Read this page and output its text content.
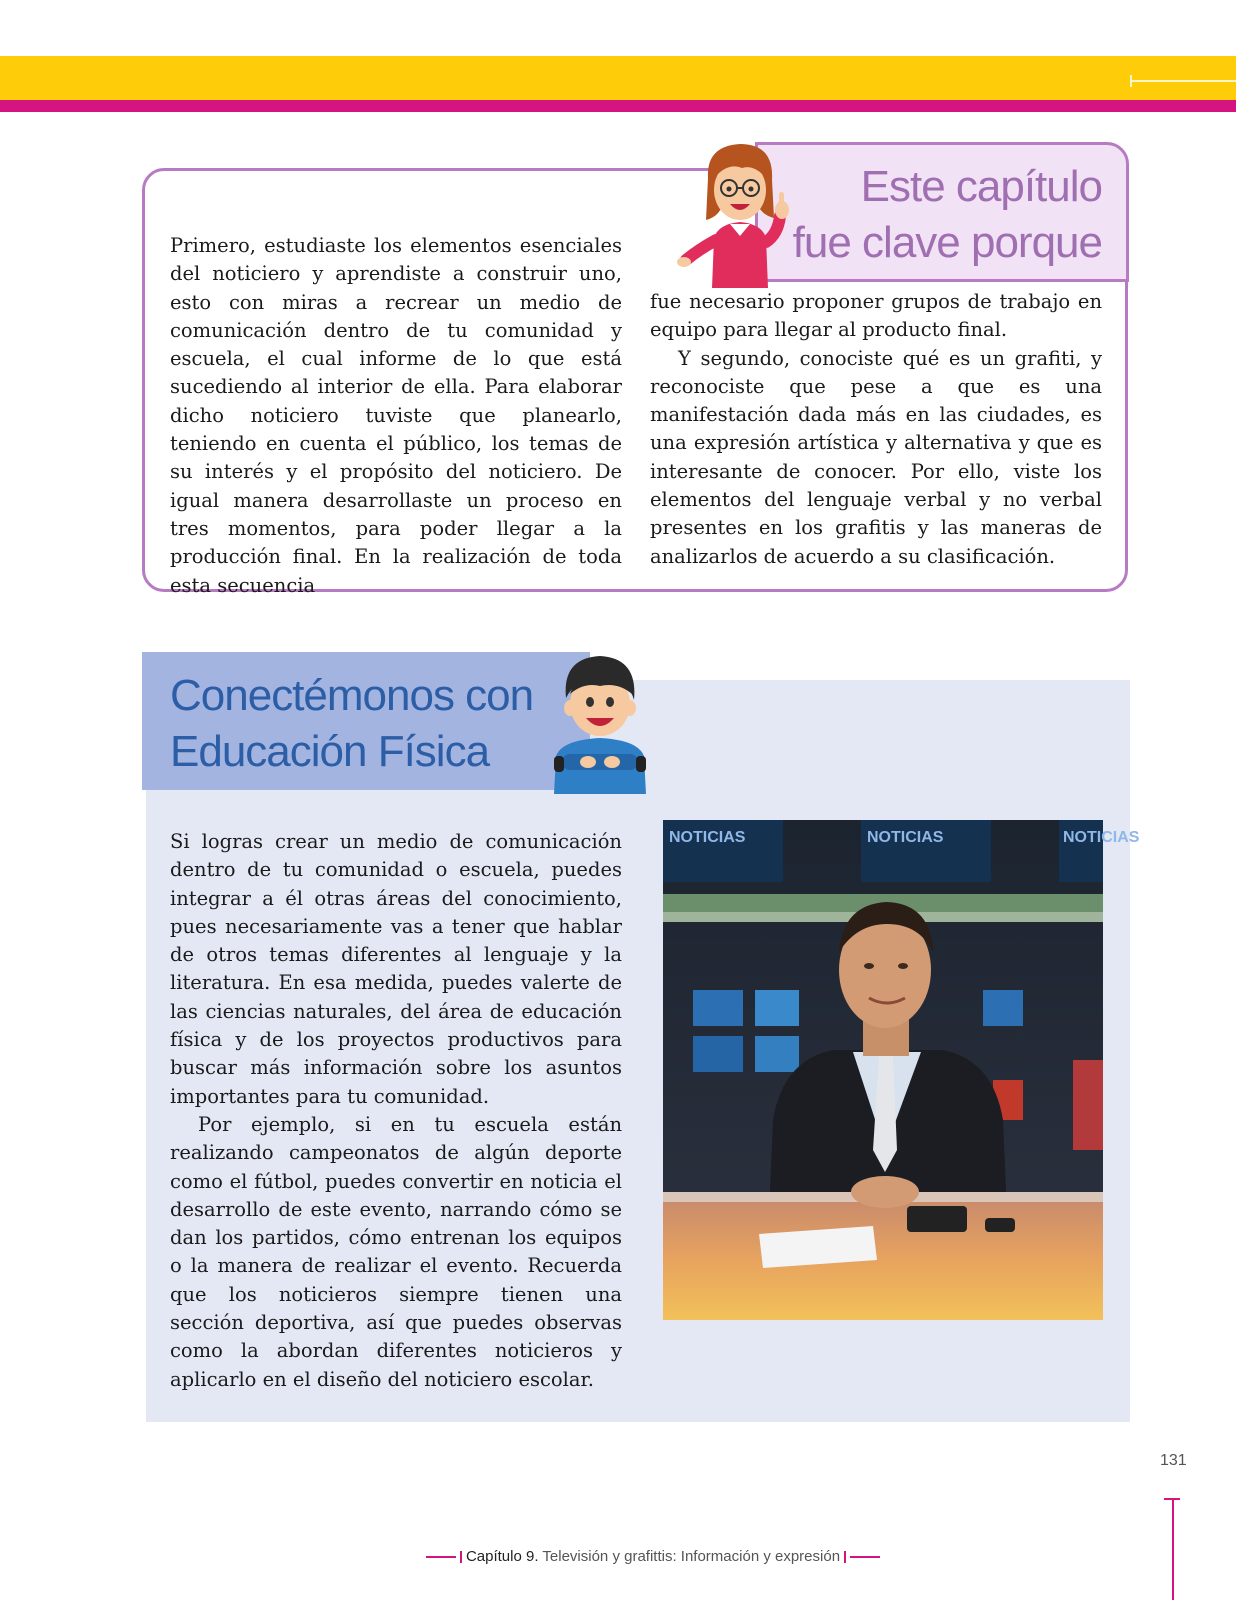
Este capítulo
fue clave porque

Primero, estudiaste los elementos esenciales del noticiero y aprendiste a construir uno, esto con miras a recrear un medio de comunicación dentro de tu comunidad y escuela, el cual informe de lo que está sucediendo al interior de ella. Para elaborar dicho noticiero tuviste que planearlo, teniendo en cuenta el público, los temas de su interés y el propósito del noticiero. De igual manera desarrollaste un proceso en tres momentos, para poder llegar a la producción final. En la realización de toda esta secuencia

fue necesario proponer grupos de trabajo en equipo para llegar al producto final.

Y segundo, conociste qué es un grafiti, y reconociste que pese a que es una manifestación dada más en las ciudades, es una expresión artística y alternativa y que es interesante de conocer. Por ello, viste los elementos del lenguaje verbal y no verbal presentes en los grafitis y las maneras de analizarlos de acuerdo a su clasificación.

Conectémonos con
Educación Física

Si logras crear un medio de comunicación dentro de tu comunidad o escuela, puedes integrar a él otras áreas del conocimiento, pues necesariamente vas a tener que hablar de otros temas diferentes al lenguaje y la literatura. En esa medida, puedes valerte de las ciencias naturales, del área de educación física y de los proyectos productivos para buscar más información sobre los asuntos importantes para tu comunidad.

Por ejemplo, si en tu escuela están realizando campeonatos de algún deporte como el fútbol, puedes convertir en noticia el desarrollo de este evento, narrando cómo se dan los partidos, cómo entrenan los equipos o la manera de realizar el evento. Recuerda que los noticieros siempre tienen una sección deportiva, así que puedes observas como la abordan diferentes noticieros y aplicarlo en el diseño del noticiero escolar.

NOTICIAS	NOTICIAS	NOTICIAS
131
Capítulo 9. Televisión y grafittis: Información y expresión
